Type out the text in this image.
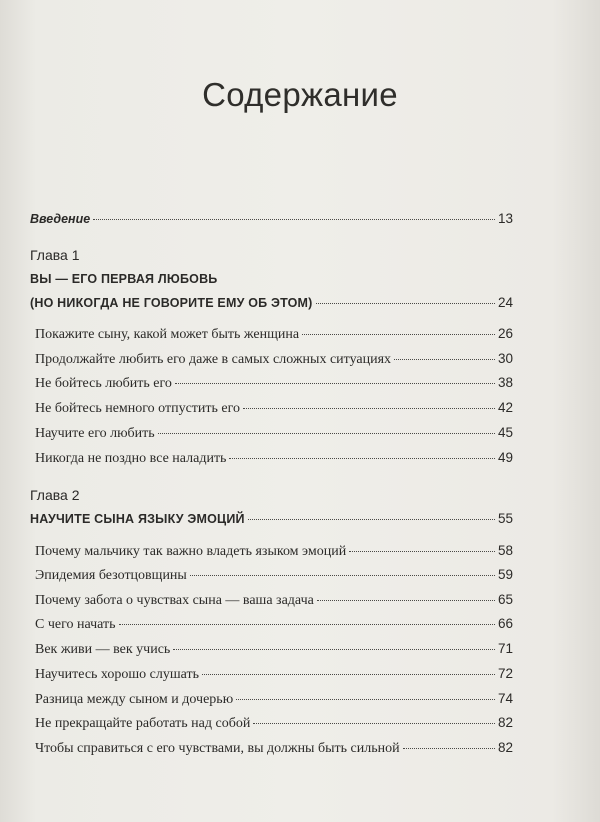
Содержание
Введение	13
Глава 1
ВЫ — ЕГО ПЕРВАЯ ЛЮБОВЬ
(НО НИКОГДА НЕ ГОВОРИТЕ ЕМУ ОБ ЭТОМ)	24
Покажите сыну, какой может быть женщина	26
Продолжайте любить его даже в самых сложных ситуациях	30
Не бойтесь любить его	38
Не бойтесь немного отпустить его	42
Научите его любить	45
Никогда не поздно все наладить	49
Глава 2
НАУЧИТЕ СЫНА ЯЗЫКУ ЭМОЦИЙ	55
Почему мальчику так важно владеть языком эмоций	58
Эпидемия безотцовщины	59
Почему забота о чувствах сына — ваша задача	65
С чего начать	66
Век живи — век учись	71
Научитесь хорошо слушать	72
Разница между сыном и дочерью	74
Не прекращайте работать над собой	82
Чтобы справиться с его чувствами, вы должны быть сильной	82
